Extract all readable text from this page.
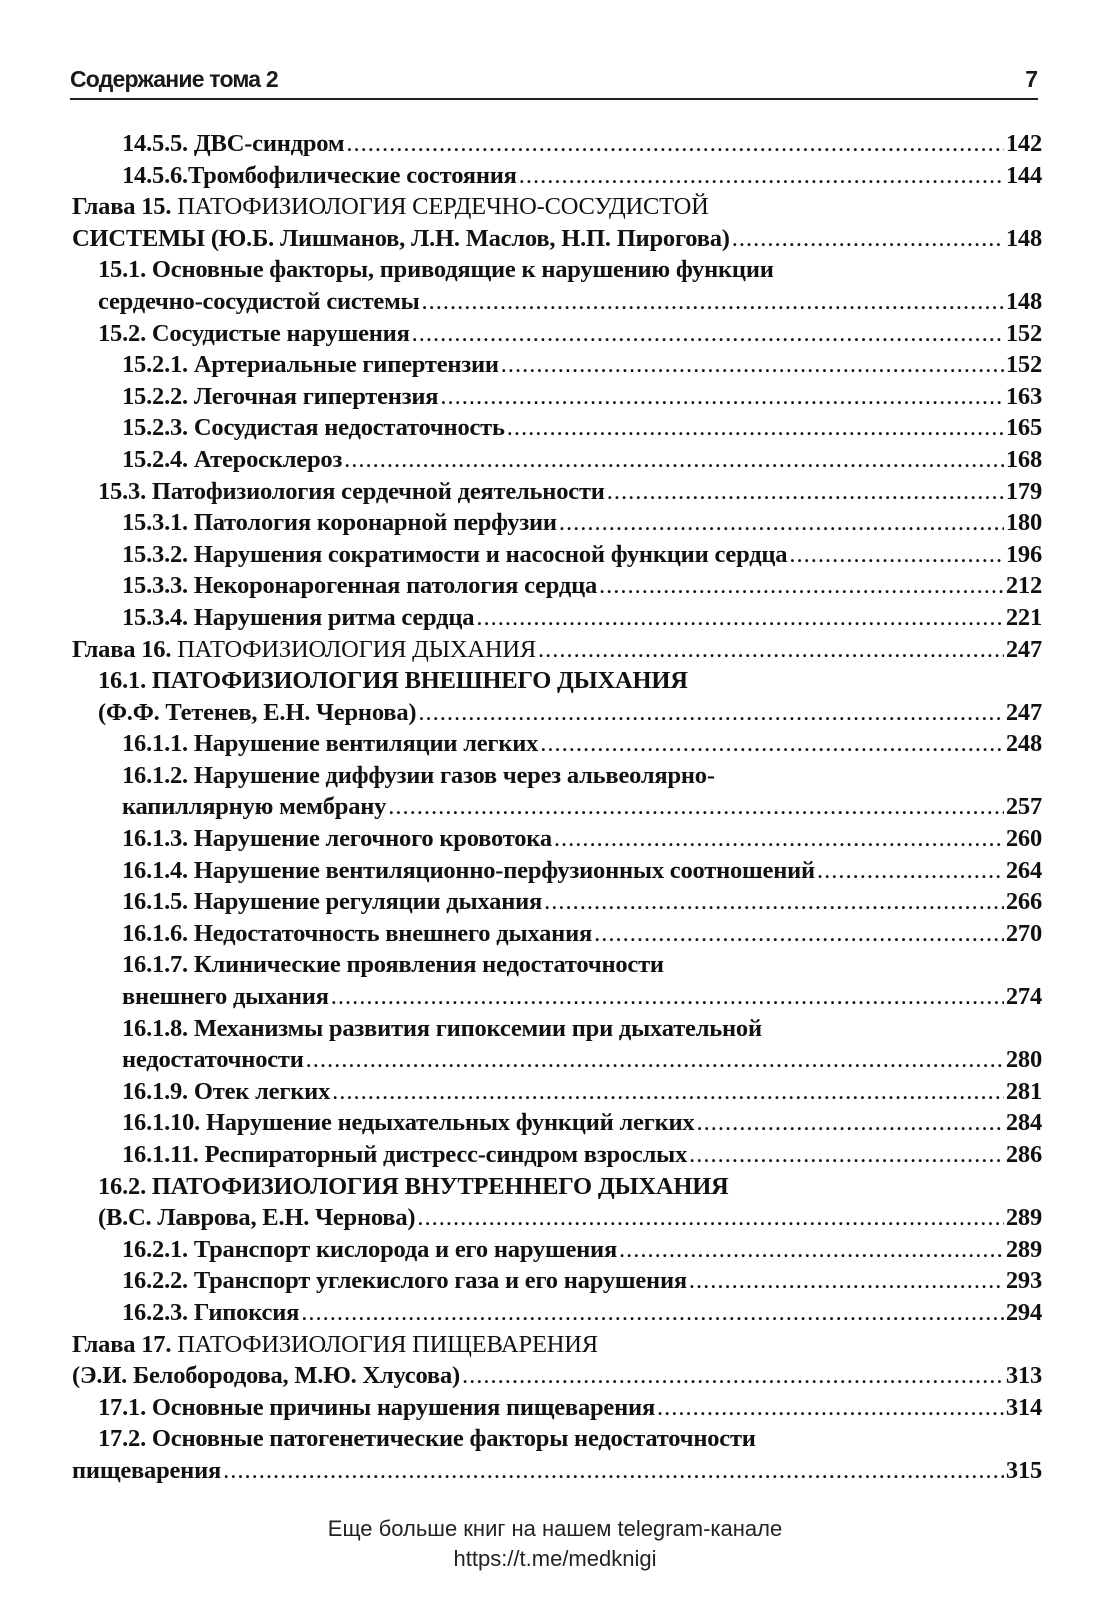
Содержание тома 2	7
14.5.5. ДВС-синдром .....	142
14.5.6.Тромбофилические состояния .....	144
Глава 15. ПАТОФИЗИОЛОГИЯ СЕРДЕЧНО-СОСУДИСТОЙ
СИСТЕМЫ (Ю.Б. Лишманов, Л.Н. Маслов, Н.П. Пирогова) .....	148
15.1. Основные факторы, приводящие к нарушению функции
сердечно-сосудистой системы .....	148
15.2. Сосудистые нарушения .....	152
15.2.1. Артериальные гипертензии .....	152
15.2.2. Легочная гипертензия .....	163
15.2.3. Сосудистая недостаточность .....	165
15.2.4. Атеросклероз .....	168
15.3. Патофизиология сердечной деятельности .....	179
15.3.1. Патология коронарной перфузии .....	180
15.3.2. Нарушения сократимости и насосной функции сердца .....	196
15.3.3. Некоронарогенная патология сердца .....	212
15.3.4. Нарушения ритма сердца .....	221
Глава 16. ПАТОФИЗИОЛОГИЯ ДЫХАНИЯ .....	247
16.1. ПАТОФИЗИОЛОГИЯ ВНЕШНЕГО ДЫХАНИЯ
(Ф.Ф. Тетенев, Е.Н. Чернова) .....	247
16.1.1. Нарушение вентиляции легких .....	248
16.1.2. Нарушение диффузии газов через альвеолярно-
капиллярную мембрану .....	257
16.1.3. Нарушение легочного кровотока .....	260
16.1.4. Нарушение вентиляционно-перфузионных соотношений .....	264
16.1.5. Нарушение регуляции дыхания .....	266
16.1.6. Недостаточность внешнего дыхания .....	270
16.1.7. Клинические проявления недостаточности
внешнего дыхания .....	274
16.1.8. Механизмы развития гипоксемии при дыхательной
недостаточности .....	280
16.1.9. Отек легких .....	281
16.1.10. Нарушение недыхательных функций легких .....	284
16.1.11. Респираторный дистресс-синдром взрослых .....	286
16.2. ПАТОФИЗИОЛОГИЯ ВНУТРЕННЕГО ДЫХАНИЯ
(В.С. Лаврова, Е.Н. Чернова) .....	289
16.2.1. Транспорт кислорода и его нарушения .....	289
16.2.2. Транспорт углекислого газа и его нарушения .....	293
16.2.3. Гипоксия .....	294
Глава 17. ПАТОФИЗИОЛОГИЯ ПИЩЕВАРЕНИЯ
(Э.И. Белобородова, М.Ю. Хлусова) .....	313
17.1. Основные причины нарушения пищеварения .....	314
17.2. Основные патогенетические факторы недостаточности
пищеварения .....	315
Еще больше книг на нашем telegram-канале
https://t.me/medknigi
